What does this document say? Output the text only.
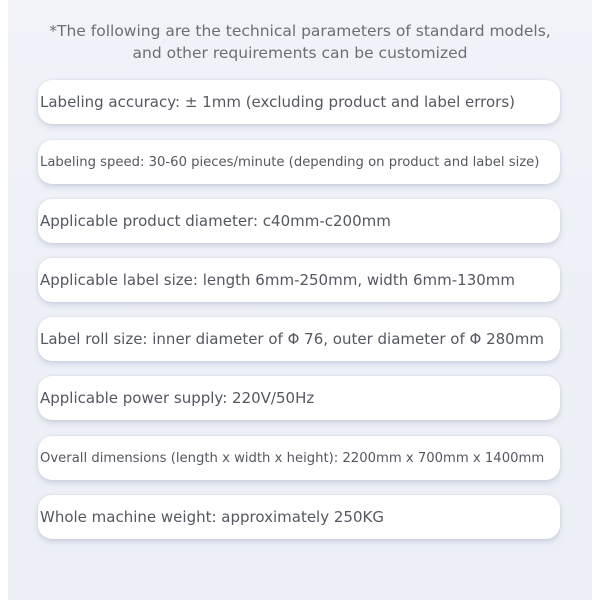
*The following are the technical parameters of standard models,
and other requirements can be customized
Labeling accuracy: ± 1mm (excluding product and label errors)
Labeling speed: 30-60 pieces/minute (depending on product and label size)
Applicable product diameter: c40mm-c200mm
Applicable label size: length 6mm-250mm, width 6mm-130mm
Label roll size: inner diameter of Φ 76, outer diameter of Φ 280mm
Applicable power supply: 220V/50Hz
Overall dimensions (length x width x height): 2200mm x 700mm x 1400mm
Whole machine weight: approximately 250KG
